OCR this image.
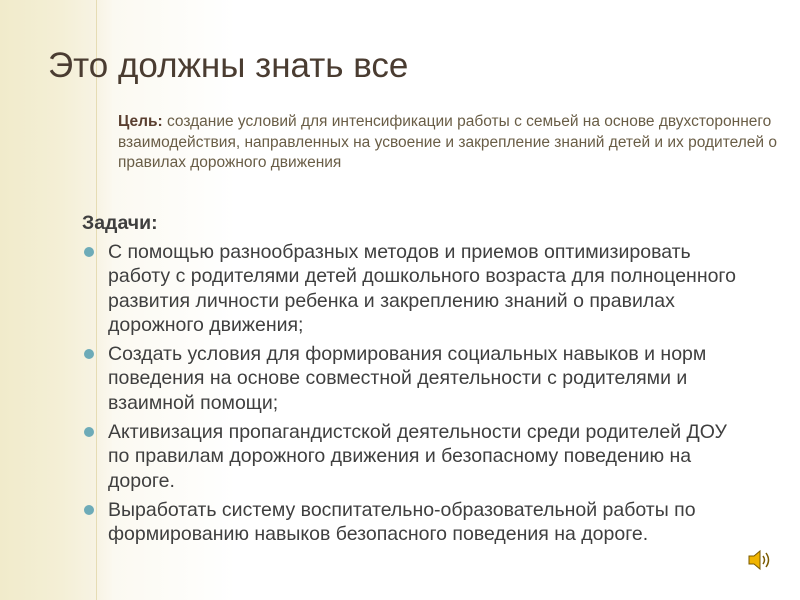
Это должны знать все

Цель: создание условий для интенсификации работы с семьей на основе двухстороннего взаимодействия, направленных на усвоение и закрепление знаний детей и их родителей о правилах дорожного движения

Задачи:
С помощью разнообразных методов и приемов оптимизировать работу с родителями детей дошкольного возраста для полноценного развития личности ребенка и закреплению знаний о правилах дорожного движения;
Создать условия для формирования социальных навыков и норм поведения на основе совместной деятельности с родителями и взаимной помощи;
Активизация пропагандистской деятельности среди родителей ДОУ по правилам дорожного движения и безопасному поведению на дороге.
Выработать систему воспитательно-образовательной работы по формированию навыков безопасного поведения на дороге.
